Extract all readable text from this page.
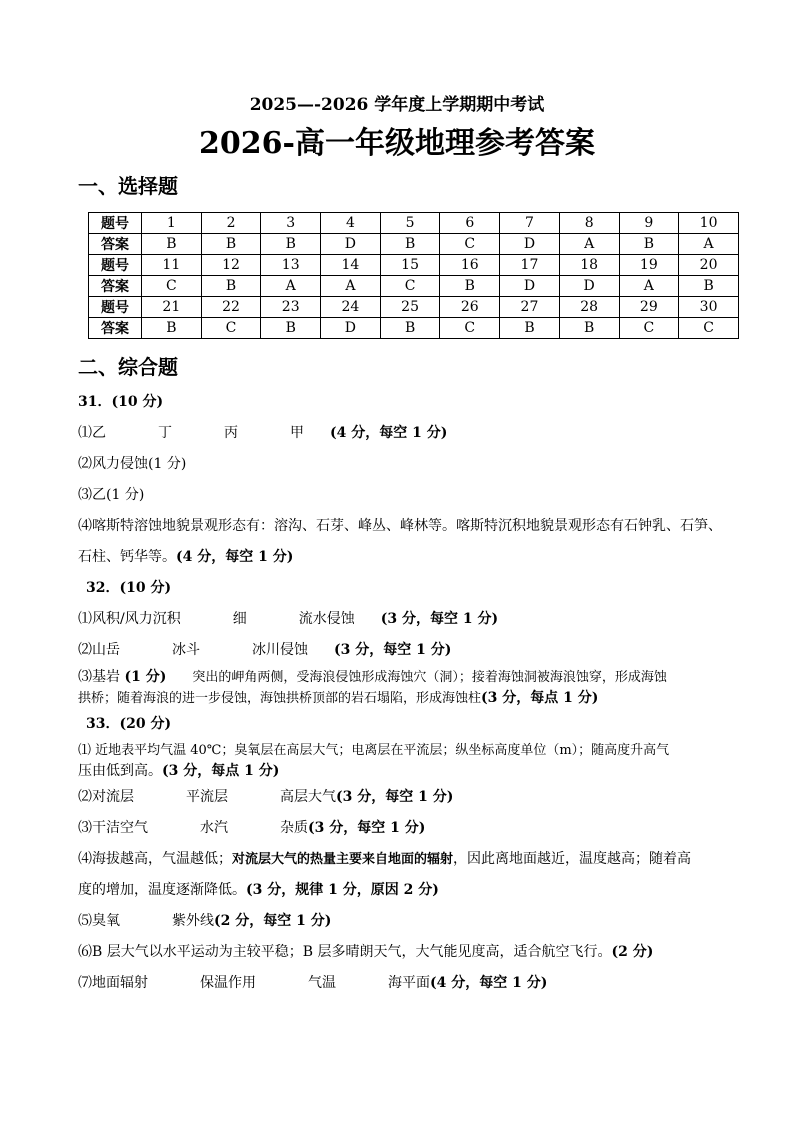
2025—-2026 学年度上学期期中考试
2026-高一年级地理参考答案
一、选择题
题号	1	2	3	4	5	6	7	8	9	10
答案	B	B	B	D	B	C	D	A	B	A
题号	11	12	13	14	15	16	17	18	19	20
答案	C	B	A	A	C	B	D	D	A	B
题号	21	22	23	24	25	26	27	28	29	30
答案	B	C	B	D	B	C	B	B	C	C
二、综合题
31．(10 分)
⑴乙	丁	丙	甲 (4 分，每空 1 分)
⑵风力侵蚀(1 分)
⑶乙(1 分)
⑷喀斯特溶蚀地貌景观形态有：溶沟、石芽、峰丛、峰林等。喀斯特沉积地貌景观形态有石钟乳、石笋、
石柱、钙华等。(4 分，每空 1 分)
32．(10 分)
⑴风积/风力沉积	细	流水侵蚀 (3 分，每空 1 分)
⑵山岳	冰斗	冰川侵蚀 (3 分，每空 1 分)
⑶基岩 (1 分) 突出的岬角两侧，受海浪侵蚀形成海蚀穴（洞）；接着海蚀洞被海浪蚀穿，形成海蚀
拱桥；随着海浪的进一步侵蚀，海蚀拱桥顶部的岩石塌陷，形成海蚀柱(3 分，每点 1 分)
33．(20 分)
⑴ 近地表平均气温 40℃；臭氧层在高层大气；电离层在平流层；纵坐标高度单位（m）；随高度升高气
压由低到高。(3 分，每点 1 分)
⑵对流层	平流层	高层大气(3 分，每空 1 分)
⑶干洁空气	水汽	杂质(3 分，每空 1 分)
⑷海拔越高，气温越低；对流层大气的热量主要来自地面的辐射，因此离地面越近，温度越高；随着高
度的增加，温度逐渐降低。(3 分，规律 1 分，原因 2 分)
⑸臭氧	紫外线(2 分，每空 1 分)
⑹B 层大气以水平运动为主较平稳；B 层多晴朗天气，大气能见度高，适合航空飞行。(2 分)
⑺地面辐射	保温作用	气温	海平面(4 分，每空 1 分)
